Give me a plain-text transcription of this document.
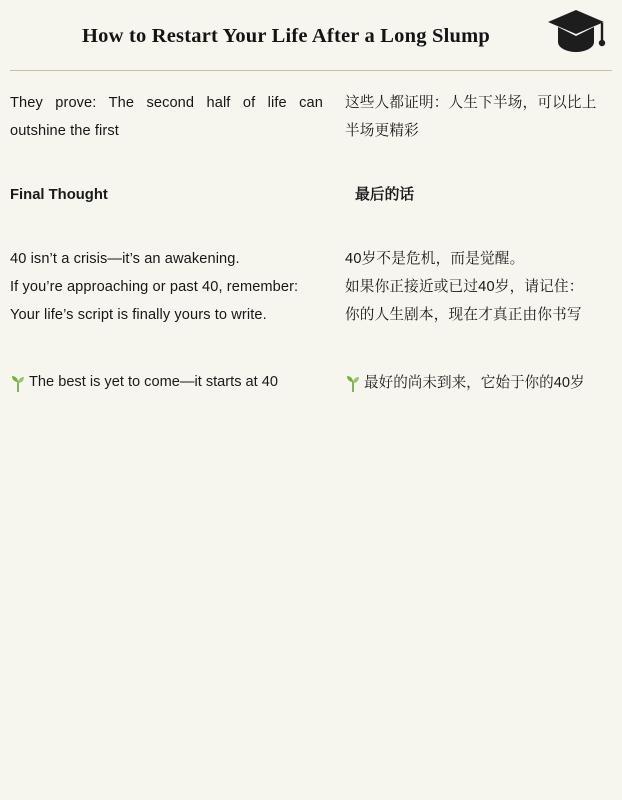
How to Restart Your Life After a Long Slump
They prove: The second half of life can outshine the first
Final Thought
40 isn’t a crisis—it’s an awakening.
If you’re approaching or past 40, remember:
Your life’s script is finally yours to write.
The best is yet to come—it starts at 40
这些人都证明：人生下半场，可以比上半场更精彩
最后的话
40岁不是危机，而是觉醒。
如果你正接近或已过40岁，请记住：
你的人生剧本，现在才真正由你书写
最好的尚未到来，它始于你的40岁
